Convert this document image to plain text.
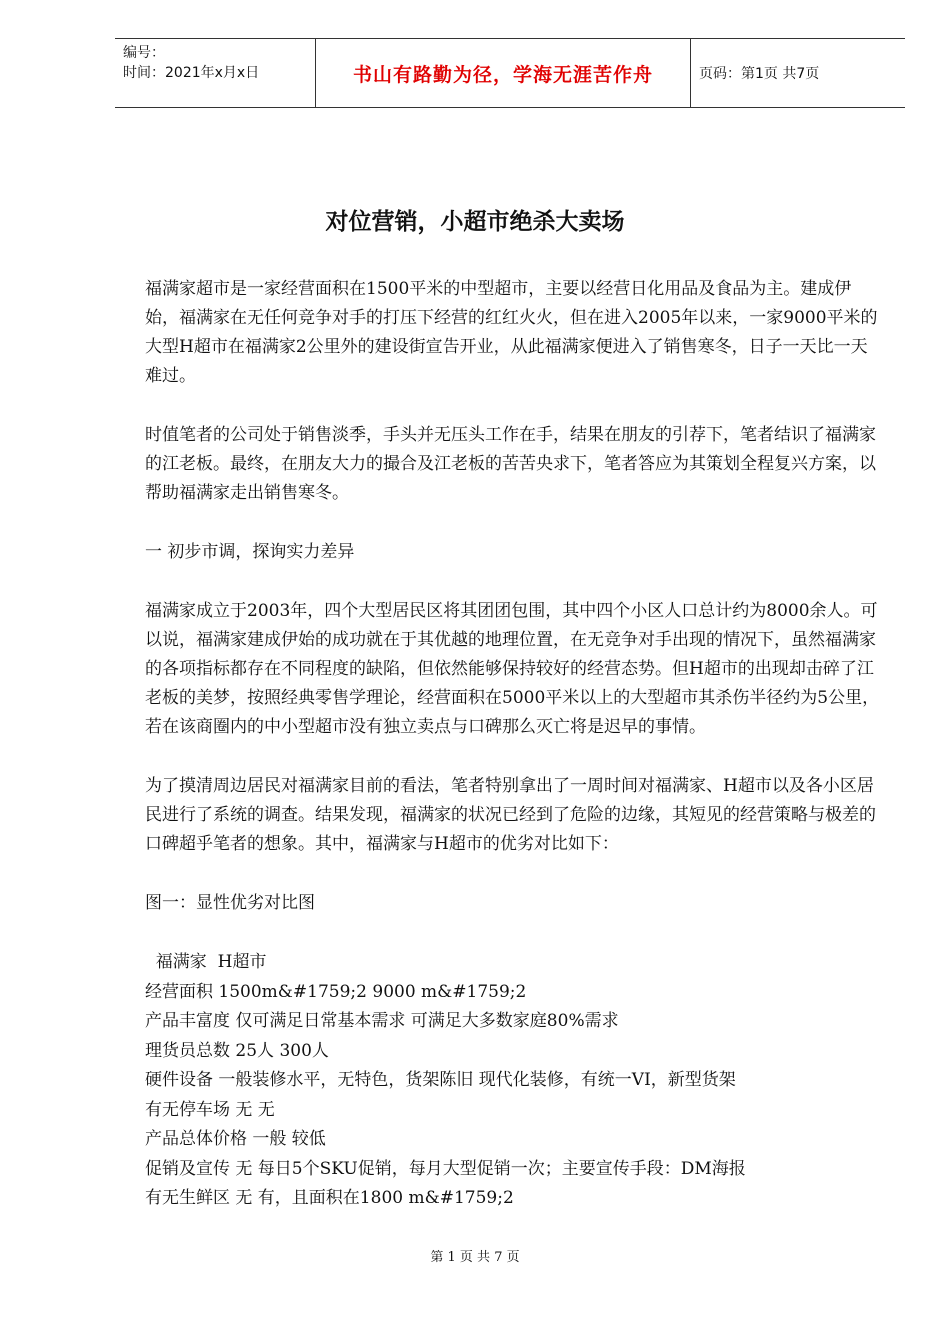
编号：
时间：2021年x月x日	书山有路勤为径，学海无涯苦作舟	页码：第1页 共7页
对位营销，小超市绝杀大卖场

福满家超市是一家经营面积在1500平米的中型超市，主要以经营日化用品及食品为主。建成伊始，福满家在无任何竞争对手的打压下经营的红红火火，但在进入2005年以来，一家9000平米的大型H超市在福满家2公里外的建设街宣告开业，从此福满家便进入了销售寒冬，日子一天比一天难过。

时值笔者的公司处于销售淡季，手头并无压头工作在手，结果在朋友的引荐下，笔者结识了福满家的江老板。最终，在朋友大力的撮合及江老板的苦苦央求下，笔者答应为其策划全程复兴方案，以帮助福满家走出销售寒冬。

一 初步市调，探询实力差异

福满家成立于2003年，四个大型居民区将其团团包围，其中四个小区人口总计约为8000余人。可以说，福满家建成伊始的成功就在于其优越的地理位置，在无竞争对手出现的情况下，虽然福满家的各项指标都存在不同程度的缺陷，但依然能够保持较好的经营态势。但H超市的出现却击碎了江老板的美梦，按照经典零售学理论，经营面积在5000平米以上的大型超市其杀伤半径约为5公里，若在该商圈内的中小型超市没有独立卖点与口碑那么灭亡将是迟早的事情。

为了摸清周边居民对福满家目前的看法，笔者特别拿出了一周时间对福满家、H超市以及各小区居民进行了系统的调查。结果发现，福满家的状况已经到了危险的边缘，其短见的经营策略与极差的口碑超乎笔者的想象。其中，福满家与H超市的优劣对比如下：

图一：显性优劣对比图

福满家  H超市
经营面积 1500m&#1759;2 9000 m&#1759;2
产品丰富度 仅可满足日常基本需求 可满足大多数家庭80%需求
理货员总数 25人 300人
硬件设备 一般装修水平，无特色，货架陈旧 现代化装修，有统一VI，新型货架
有无停车场 无 无
产品总体价格 一般 较低
促销及宣传 无 每日5个SKU促销，每月大型促销一次；主要宣传手段：DM海报
有无生鲜区 无 有，且面积在1800 m&#1759;2
第 1 页 共 7 页
